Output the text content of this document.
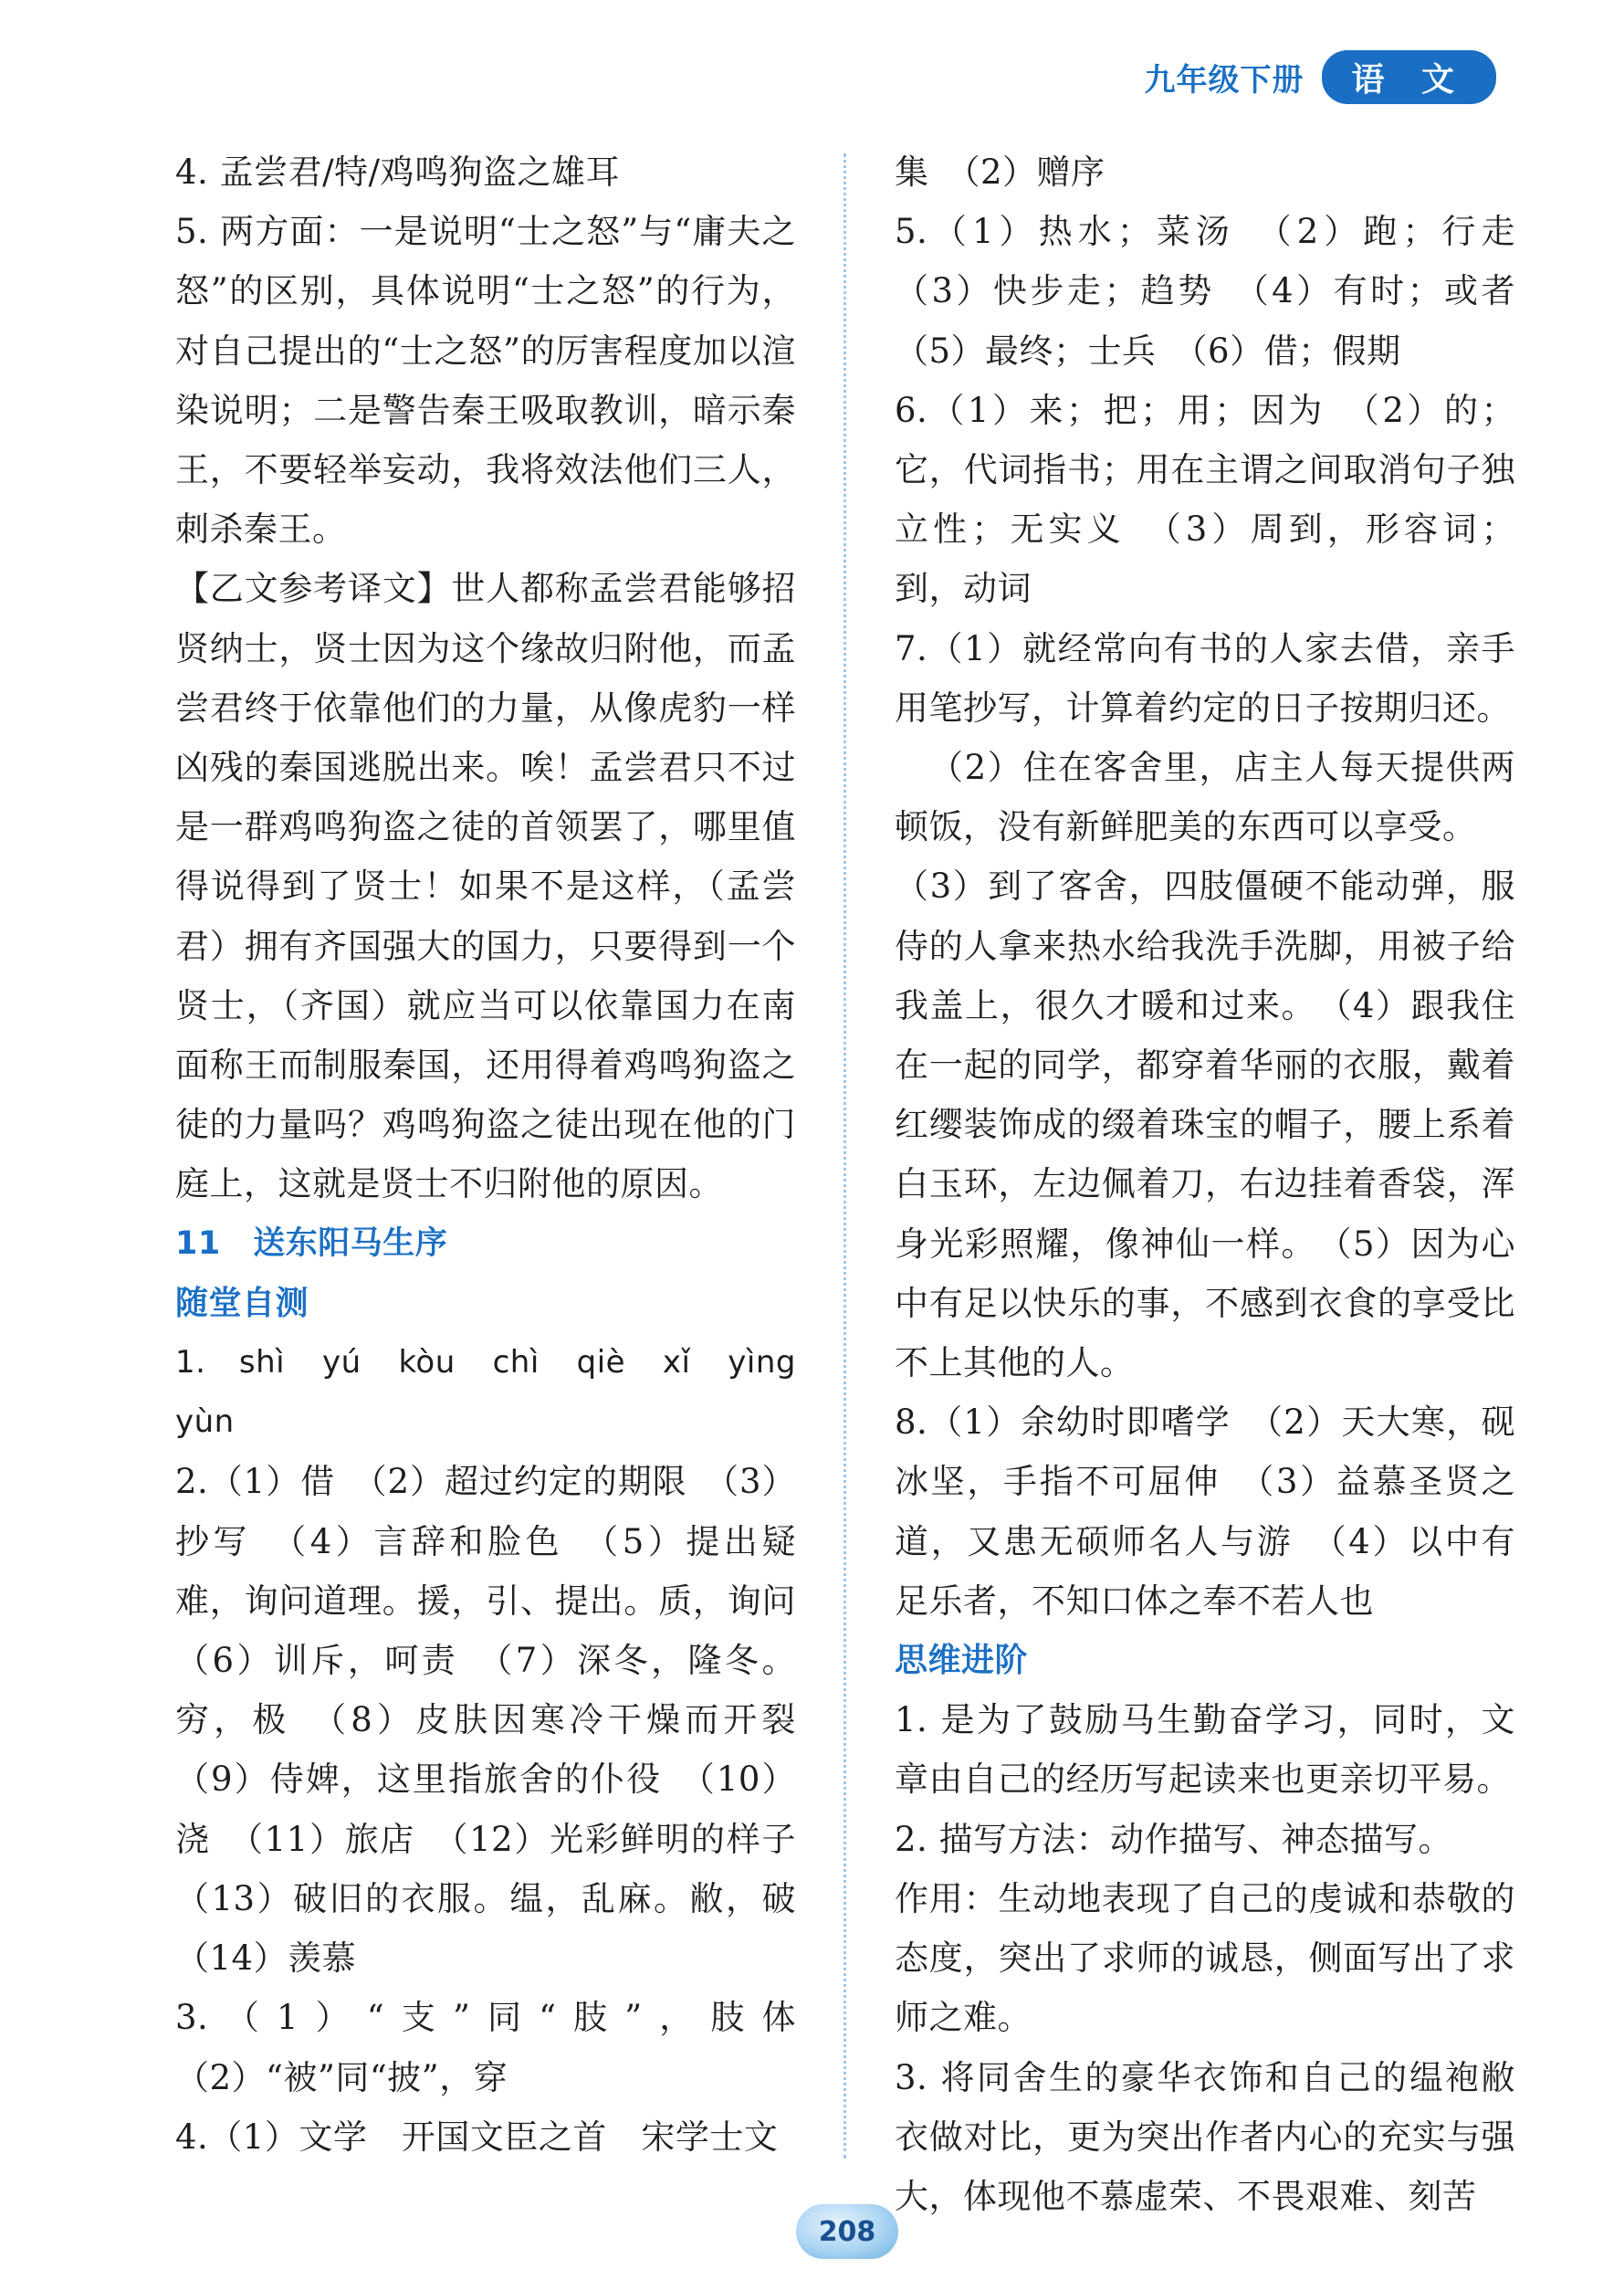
九年级下册	语 文

4. 孟尝君/特/鸡鸣狗盗之雄耳

5. 两方面：一是说明“士之怒”与“庸夫之怒”的区别，具体说明“士之怒”的行为，对自己提出的“士之怒”的厉害程度加以渲染说明；二是警告秦王吸取教训，暗示秦王，不要轻举妄动，我将效法他们三人，刺杀秦王。

【乙文参考译文】世人都称孟尝君能够招贤纳士，贤士因为这个缘故归附他，而孟尝君终于依靠他们的力量，从像虎豹一样凶残的秦国逃脱出来。唉！孟尝君只不过是一群鸡鸣狗盗之徒的首领罢了，哪里值得说得到了贤士！如果不是这样，（孟尝君）拥有齐国强大的国力，只要得到一个贤士，（齐国）就应当可以依靠国力在南面称王而制服秦国，还用得着鸡鸣狗盗之徒的力量吗？鸡鸣狗盗之徒出现在他的门庭上，这就是贤士不归附他的原因。

11　送东阳马生序

随堂自测

1. shì　yú　kòu　chì　qiè　xǐ　yìng　yùn

2.（1）借　（2）超过约定的期限　（3）抄写　（4）言辞和脸色　（5）提出疑难，询问道理。援，引、提出。质，询问　（6）训斥，呵责　（7）深冬，隆冬。穷，极　（8）皮肤因寒冷干燥而开裂　（9）侍婢，这里指旅舍的仆役　（10）浇　（11）旅店　（12）光彩鲜明的样子　（13）破旧的衣服。缊，乱麻。敝，破　（14）羡慕

3.（1）“支”同“肢”，肢体　（2）“被”同“披”，穿

4.（1）文学　开国文臣之首　宋学士文

集　（2）赠序

5.（1）热水；菜汤　（2）跑；行走　（3）快步走；趋势　（4）有时；或者　（5）最终；士兵　（6）借；假期

6.（1）来；把；用；因为　（2）的；它，代词指书；用在主谓之间取消句子独立性；无实义　（3）周到，形容词；到，动词

7.（1）就经常向有书的人家去借，亲手用笔抄写，计算着约定的日子按期归还。

（2）住在客舍里，店主人每天提供两顿饭，没有新鲜肥美的东西可以享受。

（3）到了客舍，四肢僵硬不能动弹，服侍的人拿来热水给我洗手洗脚，用被子给我盖上，很久才暖和过来。　（4）跟我住在一起的同学，都穿着华丽的衣服，戴着红缨装饰成的缀着珠宝的帽子，腰上系着白玉环，左边佩着刀，右边挂着香袋，浑身光彩照耀，像神仙一样。　（5）因为心中有足以快乐的事，不感到衣食的享受比不上其他的人。

8.（1）余幼时即嗜学　（2）天大寒，砚冰坚，手指不可屈伸　（3）益慕圣贤之道，又患无硕师名人与游　（4）以中有足乐者，不知口体之奉不若人也

思维进阶

1. 是为了鼓励马生勤奋学习，同时，文章由自己的经历写起读来也更亲切平易。

2. 描写方法：动作描写、神态描写。

作用：生动地表现了自己的虔诚和恭敬的态度，突出了求师的诚恳，侧面写出了求师之难。

3. 将同舍生的豪华衣饰和自己的缊袍敝衣做对比，更为突出作者内心的充实与强大，体现他不慕虚荣、不畏艰难、刻苦

208
